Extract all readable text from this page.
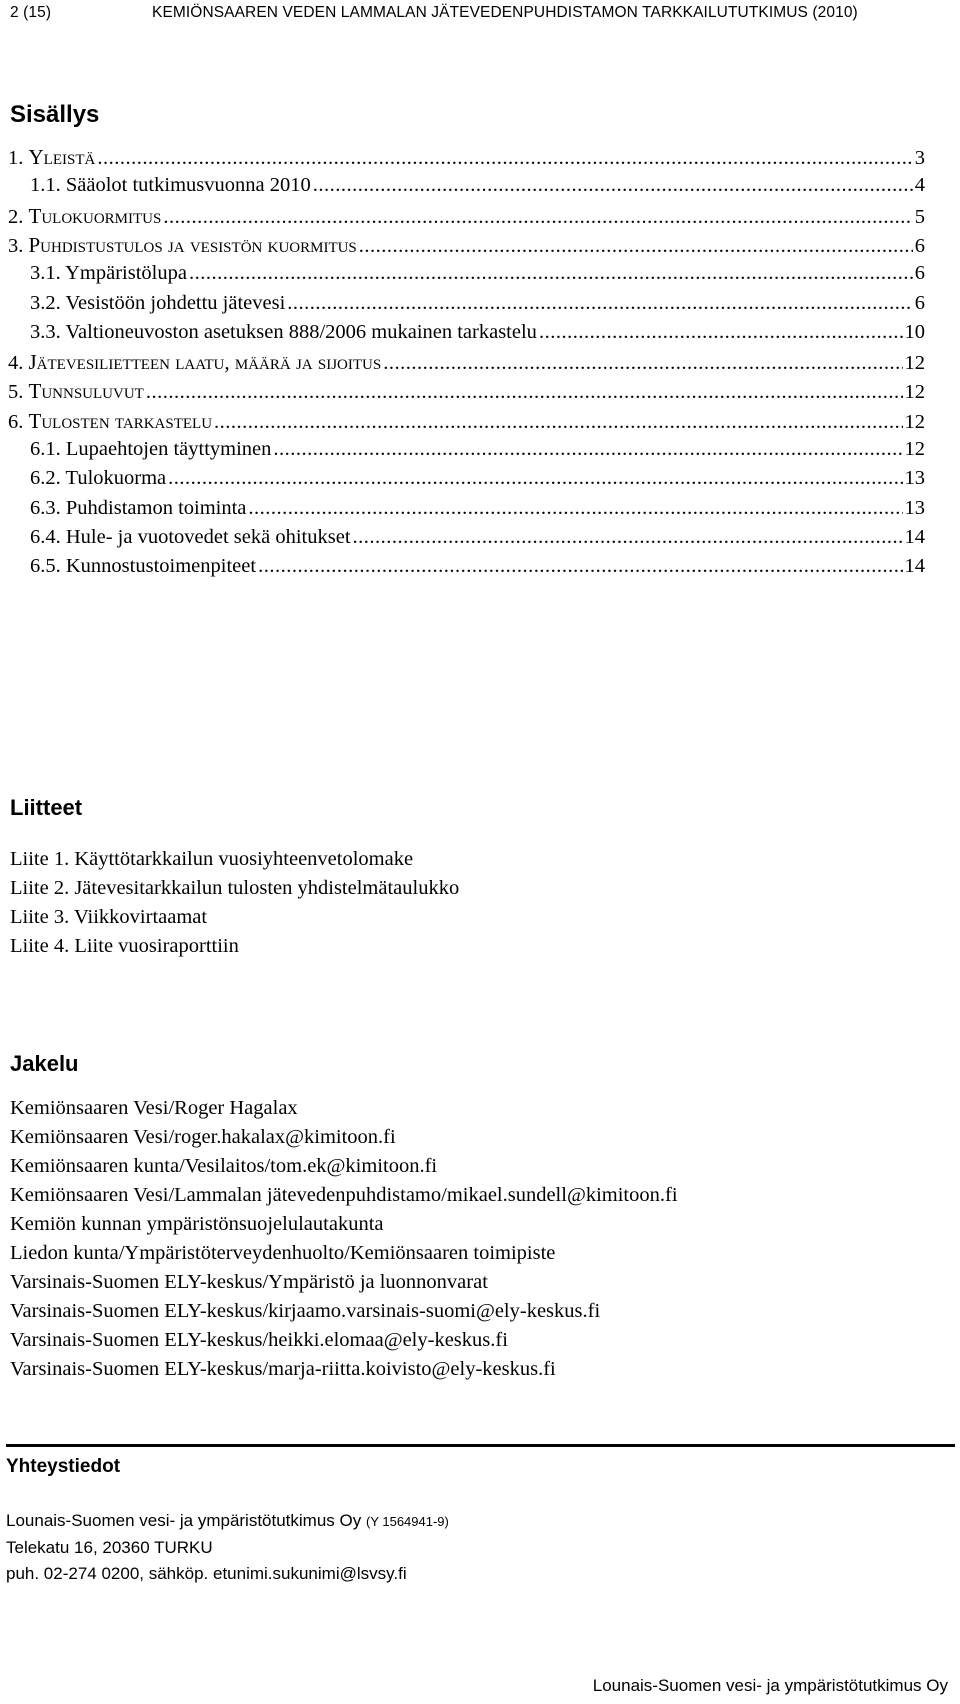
2 (15)	KEMIÖNSAAREN VEDEN LAMMALAN JÄTEVEDENPUHDISTAMON TARKKAILUTUTKIMUS (2010)
Sisällys
1. Yleistä .....	3
1.1. Sääolot tutkimusvuonna 2010 .....	4
2. Tulokuormitus .....	5
3. Puhdistustulos ja vesistön kuormitus .....	6
3.1. Ympäristölupa .....	6
3.2. Vesistöön johdettu jätevesi .....	6
3.3. Valtioneuvoston asetuksen 888/2006 mukainen tarkastelu .....	10
4. Jätevesilietteen laatu, määrä ja sijoitus .....	12
5. Tunnsuluvut .....	12
6. Tulosten tarkastelu .....	12
6.1. Lupaehtojen täyttyminen .....	12
6.2. Tulokuorma .....	13
6.3. Puhdistamon toiminta .....	13
6.4. Hule- ja vuotovedet sekä ohitukset .....	14
6.5. Kunnostustoimenpiteet .....	14
Liitteet
Liite 1. Käyttötarkkailun vuosiyhteenvetolomake
Liite 2. Jätevesitarkkailun tulosten yhdistelmätaulukko
Liite 3. Viikkovirtaamat
Liite 4. Liite vuosiraporttiin
Jakelu
Kemiönsaaren Vesi/Roger Hagalax
Kemiönsaaren Vesi/roger.hakalax@kimitoon.fi
Kemiönsaaren kunta/Vesilaitos/tom.ek@kimitoon.fi
Kemiönsaaren Vesi/Lammalan jätevedenpuhdistamo/mikael.sundell@kimitoon.fi
Kemiön kunnan ympäristönsuojelulautakunta
Liedon kunta/Ympäristöterveydenhuolto/Kemiönsaaren toimipiste
Varsinais-Suomen ELY-keskus/Ympäristö ja luonnonvarat
Varsinais-Suomen ELY-keskus/kirjaamo.varsinais-suomi@ely-keskus.fi
Varsinais-Suomen ELY-keskus/heikki.elomaa@ely-keskus.fi
Varsinais-Suomen ELY-keskus/marja-riitta.koivisto@ely-keskus.fi
Yhteystiedot
Lounais-Suomen vesi- ja ympäristötutkimus Oy (Y 1564941-9)
Telekatu 16, 20360 TURKU
puh. 02-274 0200, sähköp. etunimi.sukunimi@lsvsy.fi
Lounais-Suomen vesi- ja ympäristötutkimus Oy
